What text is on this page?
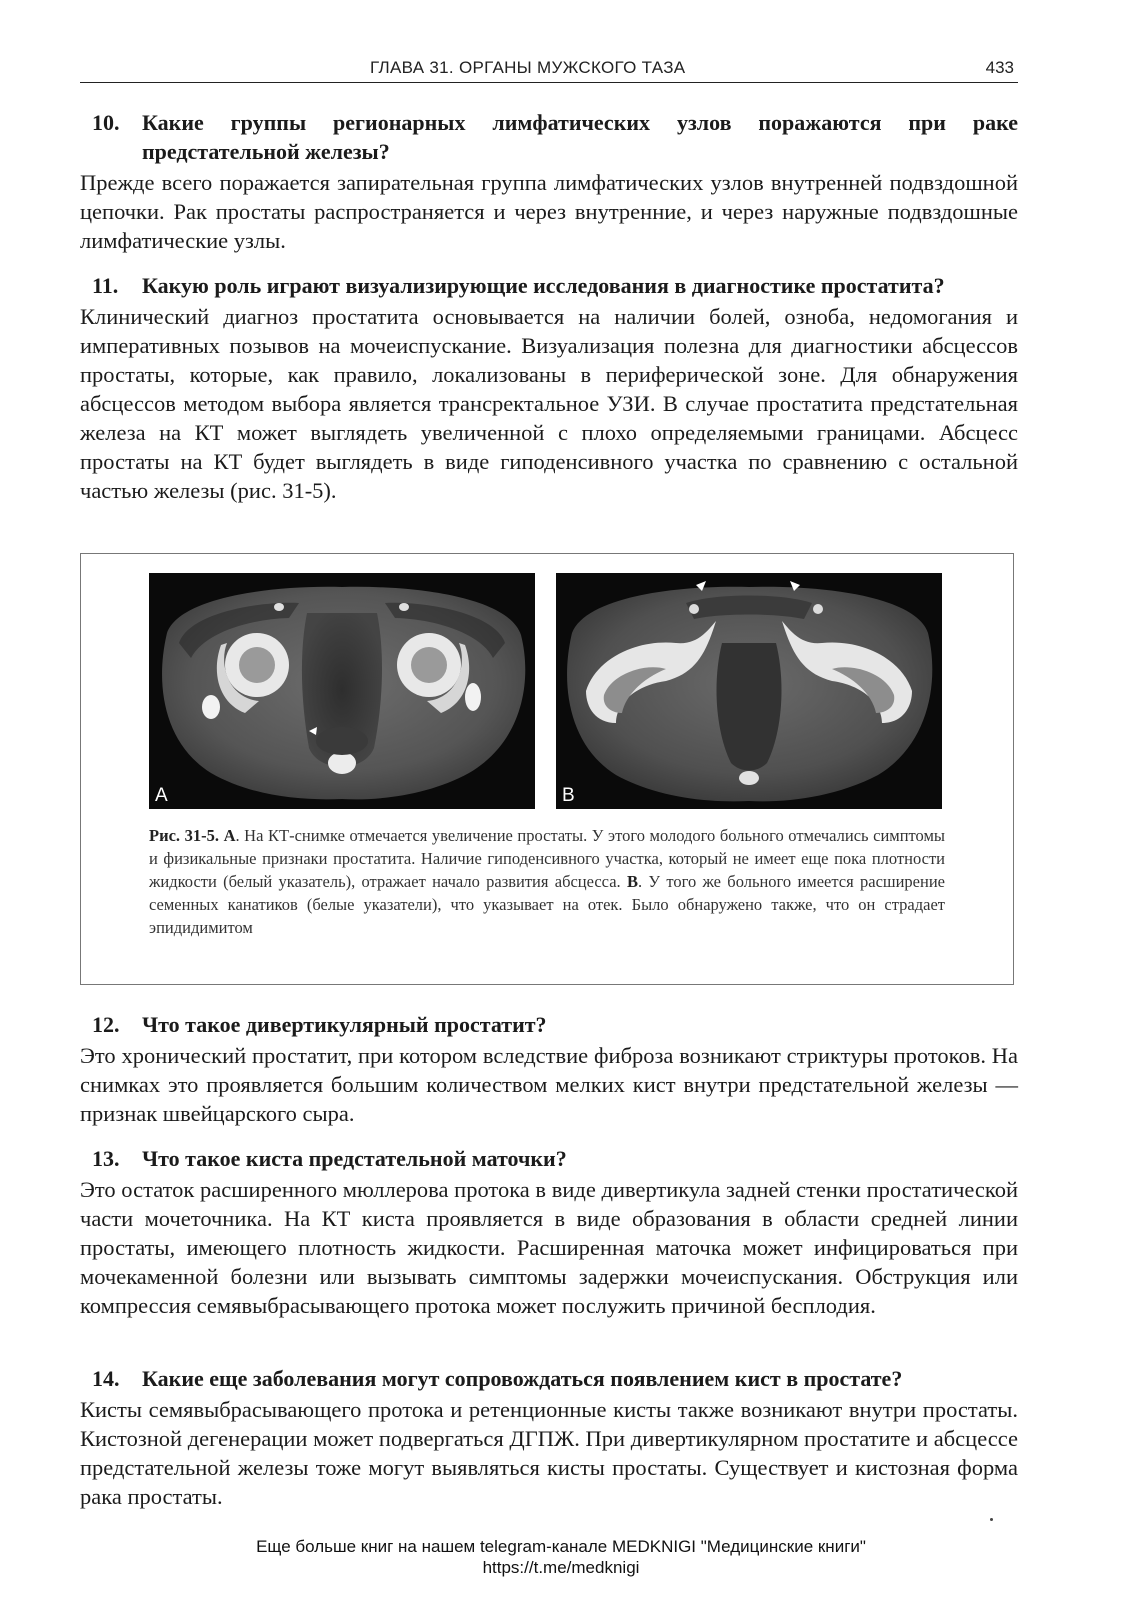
ГЛАВА 31. ОРГАНЫ МУЖСКОГО ТАЗА	433
10.	Какие группы регионарных лимфатических узлов поражаются при раке предстательной железы?

Прежде всего поражается запирательная группа лимфатических узлов внутренней подвздошной цепочки. Рак простаты распространяется и через внутренние, и через наружные подвздошные лимфатические узлы.

11.	Какую роль играют визуализирующие исследования в диагностике простатита?

Клинический диагноз простатита основывается на наличии болей, озноба, недомогания и императивных позывов на мочеиспускание. Визуализация полезна для диагностики абсцессов простаты, которые, как правило, локализованы в периферической зоне. Для обнаружения абсцессов методом выбора является трансректальное УЗИ. В случае простатита предстательная железа на КТ может выглядеть увеличенной с плохо определяемыми границами. Абсцесс простаты на КТ будет выглядеть в виде гиподенсивного участка по сравнению с остальной частью железы (рис. 31-5).

A	B
Рис. 31-5. А. На КТ-снимке отмечается увеличение простаты. У этого молодого больного отмечались симптомы и физикальные признаки простатита. Наличие гиподенсивного участка, который не имеет еще пока плотности жидкости (белый указатель), отражает начало развития абсцесса. В. У того же больного имеется расширение семенных канатиков (белые указатели), что указывает на отек. Было обнаружено также, что он страдает эпидидимитом
12.	Что такое дивертикулярный простатит?

Это хронический простатит, при котором вследствие фиброза возникают стриктуры протоков. На снимках это проявляется большим количеством мелких кист внутри предстательной железы — признак швейцарского сыра.

13.	Что такое киста предстательной маточки?

Это остаток расширенного мюллерова протока в виде дивертикула задней стенки простатической части мочеточника. На КТ киста проявляется в виде образования в области средней линии простаты, имеющего плотность жидкости. Расширенная маточка может инфицироваться при мочекаменной болезни или вызывать симптомы задержки мочеиспускания. Обструкция или компрессия семявыбрасывающего протока может послужить причиной бесплодия.

14.	Какие еще заболевания могут сопровождаться появлением кист в простате?

Кисты семявыбрасывающего протока и ретенционные кисты также возникают внутри простаты. Кистозной дегенерации может подвергаться ДГПЖ. При дивертикулярном простатите и абсцессе предстательной железы тоже могут выявляться кисты простаты. Существует и кистозная форма рака простаты.

Еще больше книг на нашем telegram-канале MEDKNIGI "Медицинские книги"
https://t.me/medknigi
